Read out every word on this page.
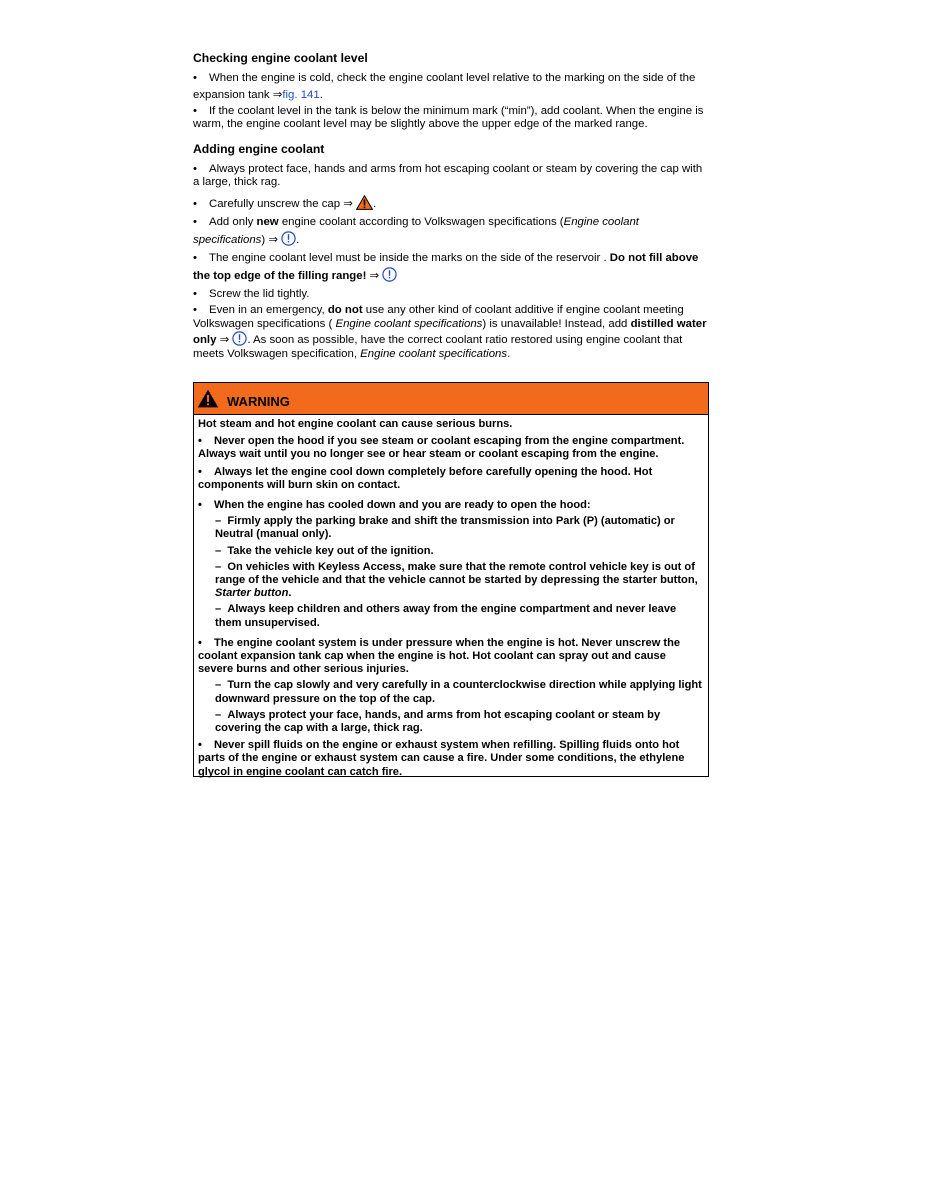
Checking engine coolant level

• When the engine is cold, check the engine coolant level relative to the marking on the side of the expansion tank ⇒fig. 141.

• If the coolant level in the tank is below the minimum mark (“min”), add coolant. When the engine is warm, the engine coolant level may be slightly above the upper edge of the marked range.

Adding engine coolant

• Always protect face, hands and arms from hot escaping coolant or steam by covering the cap with a large, thick rag.

• Carefully unscrew the cap ⇒ .

• Add only new engine coolant according to Volkswagen specifications (Engine coolant specifications) ⇒ .

• The engine coolant level must be inside the marks on the side of the reservoir . Do not fill above the top edge of the filling range! ⇒

• Screw the lid tightly.

• Even in an emergency, do not use any other kind of coolant additive if engine coolant meeting Volkswagen specifications ( Engine coolant specifications) is unavailable! Instead, add distilled water only ⇒ . As soon as possible, have the correct coolant ratio restored using engine coolant that meets Volkswagen specification, Engine coolant specifications.

WARNING

Hot steam and hot engine coolant can cause serious burns.

• Never open the hood if you see steam or coolant escaping from the engine compartment. Always wait until you no longer see or hear steam or coolant escaping from the engine.

• Always let the engine cool down completely before carefully opening the hood. Hot components will burn skin on contact.

• When the engine has cooled down and you are ready to open the hood:

– Firmly apply the parking brake and shift the transmission into Park (P) (automatic) or Neutral (manual only).

– Take the vehicle key out of the ignition.

– On vehicles with Keyless Access, make sure that the remote control vehicle key is out of range of the vehicle and that the vehicle cannot be started by depressing the starter button, Starter button.

– Always keep children and others away from the engine compartment and never leave them unsupervised.

• The engine coolant system is under pressure when the engine is hot. Never unscrew the coolant expansion tank cap when the engine is hot. Hot coolant can spray out and cause severe burns and other serious injuries.

– Turn the cap slowly and very carefully in a counterclockwise direction while applying light downward pressure on the top of the cap.

– Always protect your face, hands, and arms from hot escaping coolant or steam by covering the cap with a large, thick rag.

• Never spill fluids on the engine or exhaust system when refilling. Spilling fluids onto hot parts of the engine or exhaust system can cause a fire. Under some conditions, the ethylene glycol in engine coolant can catch fire.
